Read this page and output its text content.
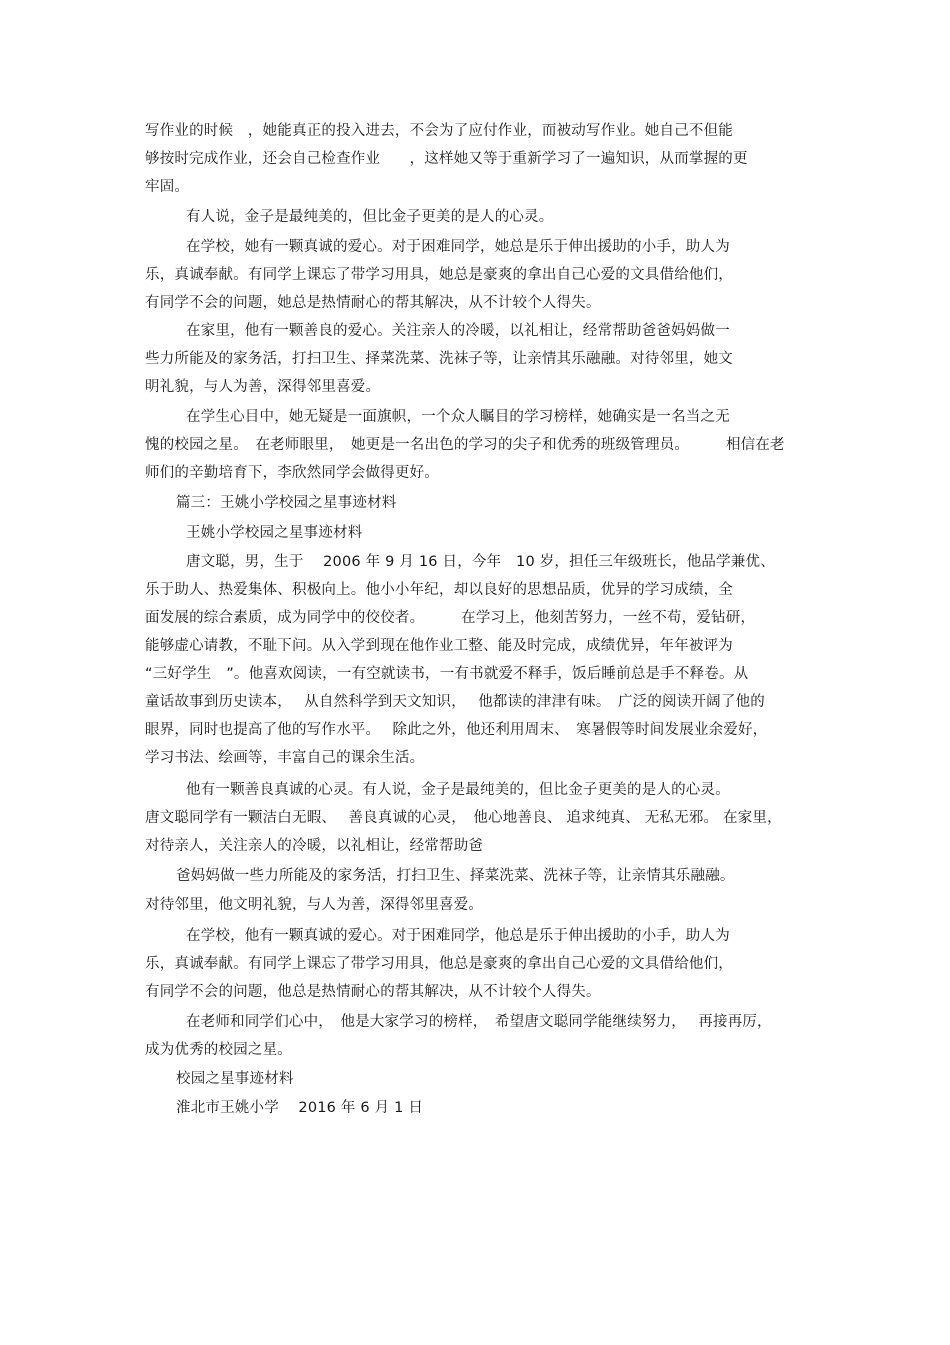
写作业的时候　，她能真正的投入进去，不会为了应付作业，而被动写作业。她自己不但能
够按时完成作业，还会自己检查作业　　，这样她又等于重新学习了一遍知识，从而掌握的更
牢固。
有人说，金子是最纯美的，但比金子更美的是人的心灵。
在学校，她有一颗真诚的爱心。对于困难同学，她总是乐于伸出援助的小手，助人为
乐，真诚奉献。有同学上课忘了带学习用具，她总是豪爽的拿出自己心爱的文具借给他们，
有同学不会的问题，她总是热情耐心的帮其解决，从不计较个人得失。
在家里，他有一颗善良的爱心。关注亲人的冷暖，以礼相让，经常帮助爸爸妈妈做一
些力所能及的家务活，打扫卫生、择菜洗菜、洗袜子等，让亲情其乐融融。对待邻里，她文
明礼貌，与人为善，深得邻里喜爱。
在学生心目中，她无疑是一面旗帜，一个众人瞩目的学习榜样，她确实是一名当之无
愧的校园之星。　在老师眼里，　她更是一名出色的学习的尖子和优秀的班级管理员。　　　相信在老
师们的辛勤培育下，李欣然同学会做得更好。
篇三：王姚小学校园之星事迹材料
王姚小学校园之星事迹材料
唐文聪，男，生于　 2006 年 9 月 16 日，今年　10 岁，担任三年级班长，他品学兼优、
乐于助人、热爱集体、积极向上。他小小年纪，却以良好的思想品质，优异的学习成绩，全
面发展的综合素质，成为同学中的佼佼者。　　　在学习上，他刻苦努力，一丝不苟，爱钻研，
能够虚心请教，不耻下问。从入学到现在他作业工整、能及时完成，成绩优异，年年被评为
“三好学生　”。他喜欢阅读，一有空就读书，一有书就爱不释手，饭后睡前总是手不释卷。从
童话故事到历史读本，　 从自然科学到天文知识，　 他都读的津津有味。　广泛的阅读开阔了他的
眼界，同时也提高了他的写作水平。　 除此之外，他还利用周末、　寒暑假等时间发展业余爱好，
学习书法、绘画等，丰富自己的课余生活。
他有一颗善良真诚的心灵。有人说，金子是最纯美的，但比金子更美的是人的心灵。
唐文聪同学有一颗洁白无暇、　 善良真诚的心灵，　他心地善良、 追求纯真、 无私无邪。 在家里，
对待亲人，关注亲人的冷暖，以礼相让，经常帮助爸
爸妈妈做一些力所能及的家务活，打扫卫生、择菜洗菜、洗袜子等，让亲情其乐融融。
对待邻里，他文明礼貌，与人为善，深得邻里喜爱。
在学校，他有一颗真诚的爱心。对于困难同学，他总是乐于伸出援助的小手，助人为
乐，真诚奉献。有同学上课忘了带学习用具，他总是豪爽的拿出自己心爱的文具借给他们，
有同学不会的问题，他总是热情耐心的帮其解决，从不计较个人得失。
在老师和同学们心中，　他是大家学习的榜样，　希望唐文聪同学能继续努力，　 再接再厉，
成为优秀的校园之星。
校园之星事迹材料
淮北市王姚小学　 2016 年 6 月 1 日
